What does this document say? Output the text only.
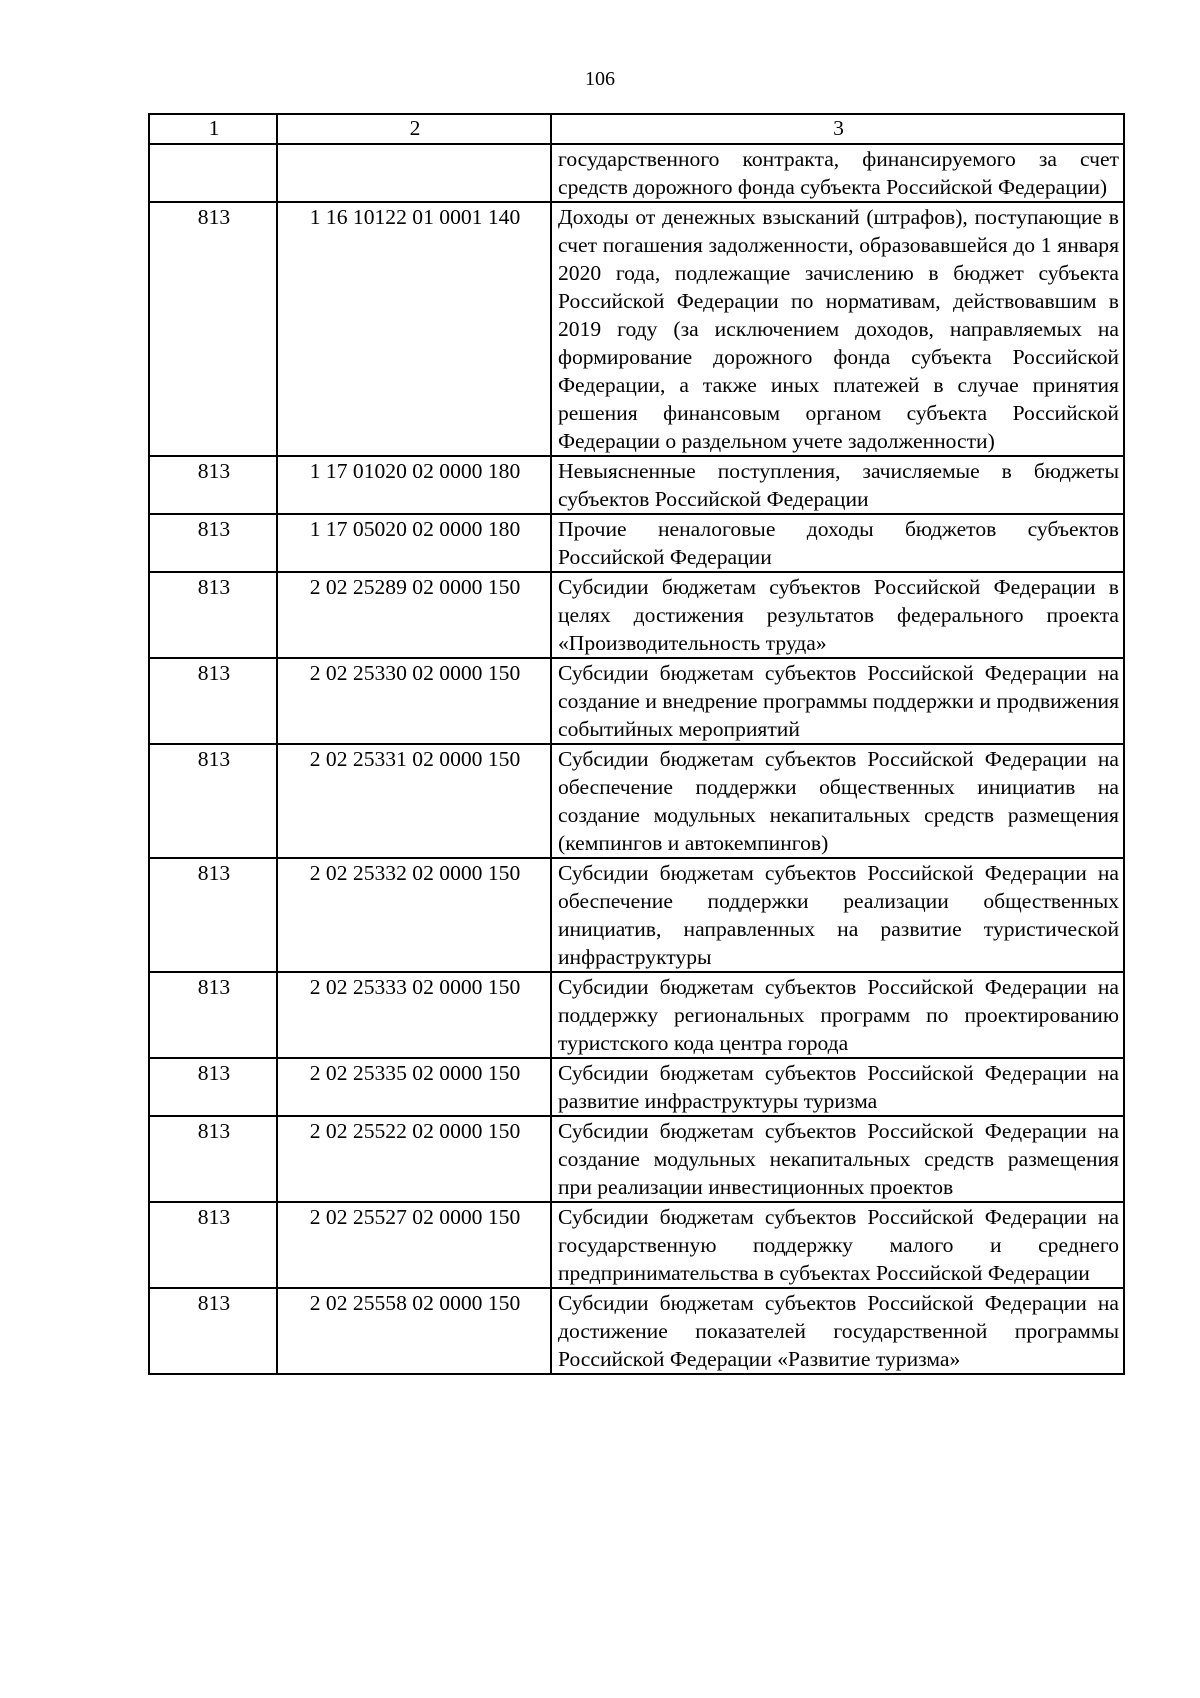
106
1	2	3
		государственного контракта, финансируемого за счет средств дорожного фонда субъекта Российской Федерации)
813	1 16 10122 01 0001 140	Доходы от денежных взысканий (штрафов), поступающие в счет погашения задолженности, образовавшейся до 1 января 2020 года, подлежащие зачислению в бюджет субъекта Российской Федерации по нормативам, действовавшим в 2019 году (за исключением доходов, направляемых на формирование дорожного фонда субъекта Российской Федерации, а также иных платежей в случае принятия решения финансовым органом субъекта Российской Федерации о раздельном учете задолженности)
813	1 17 01020 02 0000 180	Невыясненные поступления, зачисляемые в бюджеты субъектов Российской Федерации
813	1 17 05020 02 0000 180	Прочие неналоговые доходы бюджетов субъектов Российской Федерации
813	2 02 25289 02 0000 150	Субсидии бюджетам субъектов Российской Федерации в целях достижения результатов федерального проекта «Производительность труда»
813	2 02 25330 02 0000 150	Субсидии бюджетам субъектов Российской Федерации на создание и внедрение программы поддержки и продвижения событийных мероприятий
813	2 02 25331 02 0000 150	Субсидии бюджетам субъектов Российской Федерации на обеспечение поддержки общественных инициатив на создание модульных некапитальных средств размещения (кемпингов и автокемпингов)
813	2 02 25332 02 0000 150	Субсидии бюджетам субъектов Российской Федерации на обеспечение поддержки реализации общественных инициатив, направленных на развитие туристической инфраструктуры
813	2 02 25333 02 0000 150	Субсидии бюджетам субъектов Российской Федерации на поддержку региональных программ по проектированию туристского кода центра города
813	2 02 25335 02 0000 150	Субсидии бюджетам субъектов Российской Федерации на развитие инфраструктуры туризма
813	2 02 25522 02 0000 150	Субсидии бюджетам субъектов Российской Федерации на создание модульных некапитальных средств размещения при реализации инвестиционных проектов
813	2 02 25527 02 0000 150	Субсидии бюджетам субъектов Российской Федерации на государственную поддержку малого и среднего предпринимательства в субъектах Российской Федерации
813	2 02 25558 02 0000 150	Субсидии бюджетам субъектов Российской Федерации на достижение показателей государственной программы Российской Федерации «Развитие туризма»
